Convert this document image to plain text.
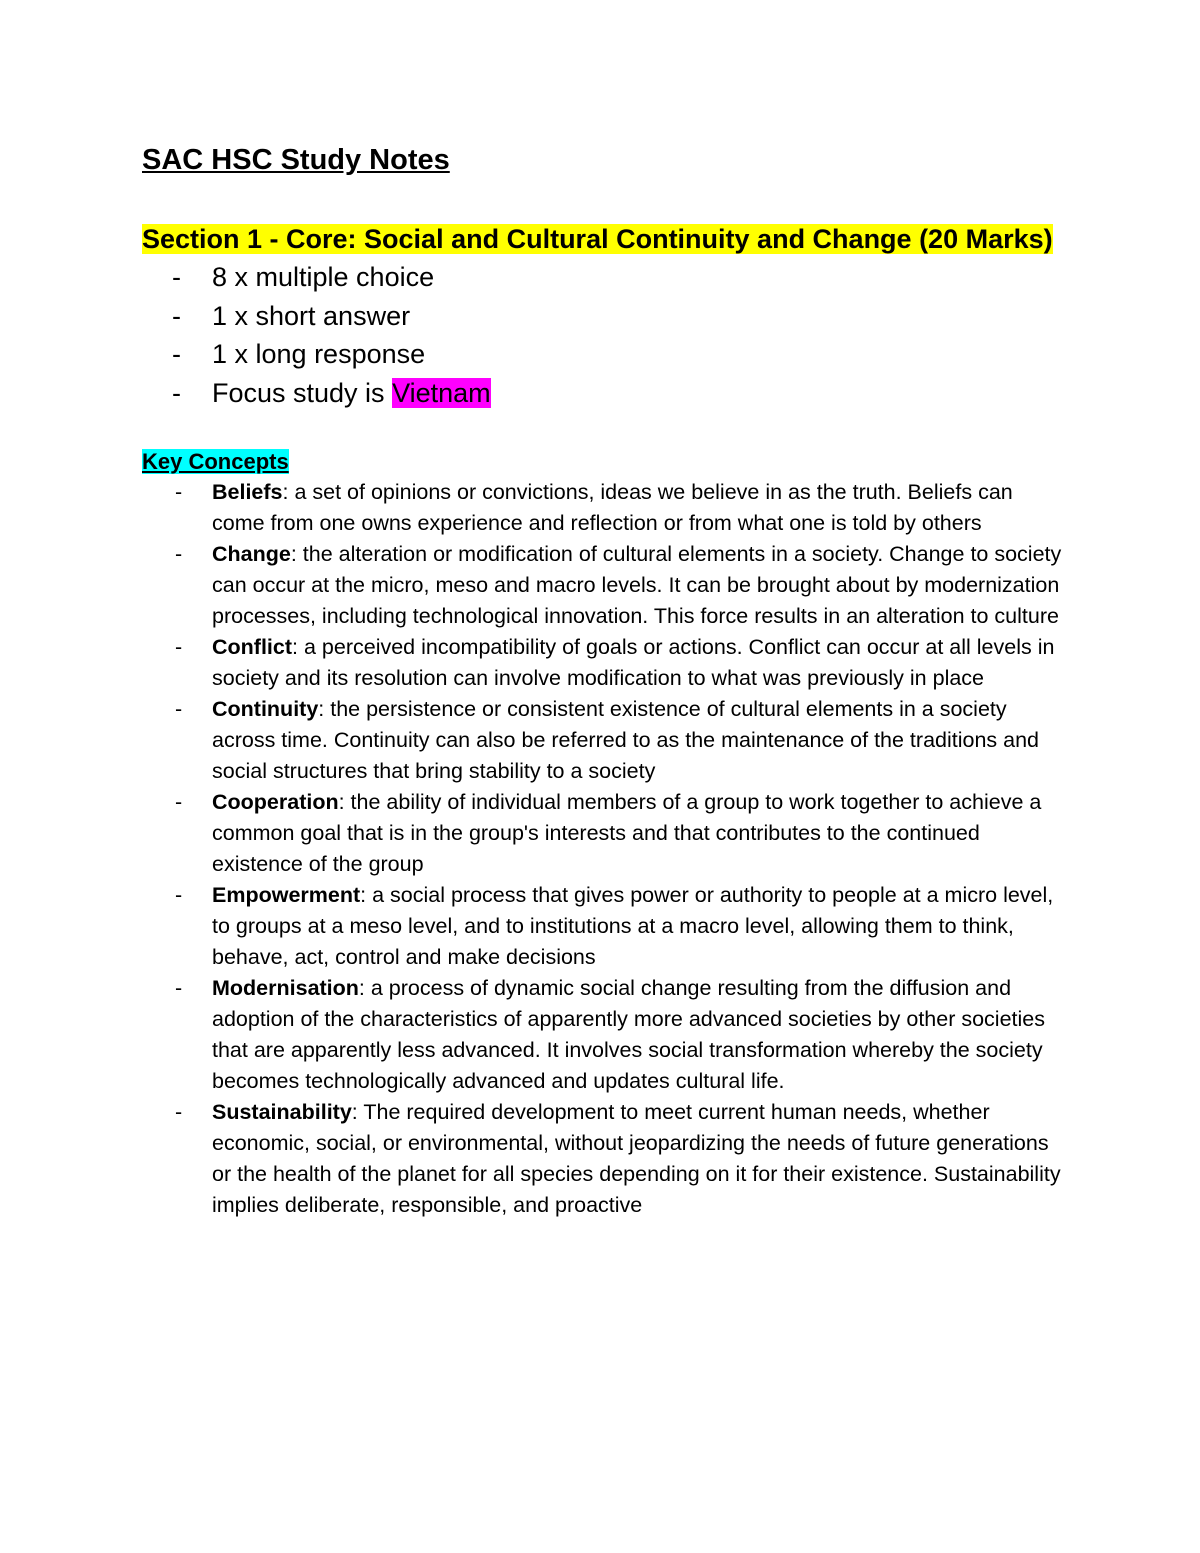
SAC HSC Study Notes
Section 1 - Core: Social and Cultural Continuity and Change (20 Marks)
- 8 x multiple choice
- 1 x short answer
- 1 x long response
- Focus study is Vietnam
Key Concepts
- Beliefs: a set of opinions or convictions, ideas we believe in as the truth. Beliefs can come from one owns experience and reflection or from what one is told by others
- Change: the alteration or modification of cultural elements in a society. Change to society can occur at the micro, meso and macro levels. It can be brought about by modernization processes, including technological innovation. This force results in an alteration to culture
- Conflict: a perceived incompatibility of goals or actions. Conflict can occur at all levels in society and its resolution can involve modification to what was previously in place
- Continuity: the persistence or consistent existence of cultural elements in a society across time. Continuity can also be referred to as the maintenance of the traditions and social structures that bring stability to a society
- Cooperation: the ability of individual members of a group to work together to achieve a common goal that is in the group's interests and that contributes to the continued existence of the group
- Empowerment: a social process that gives power or authority to people at a micro level, to groups at a meso level, and to institutions at a macro level, allowing them to think, behave, act, control and make decisions
- Modernisation: a process of dynamic social change resulting from the diffusion and adoption of the characteristics of apparently more advanced societies by other societies that are apparently less advanced. It involves social transformation whereby the society becomes technologically advanced and updates cultural life.
- Sustainability: The required development to meet current human needs, whether economic, social, or environmental, without jeopardizing the needs of future generations or the health of the planet for all species depending on it for their existence. Sustainability implies deliberate, responsible, and proactive
